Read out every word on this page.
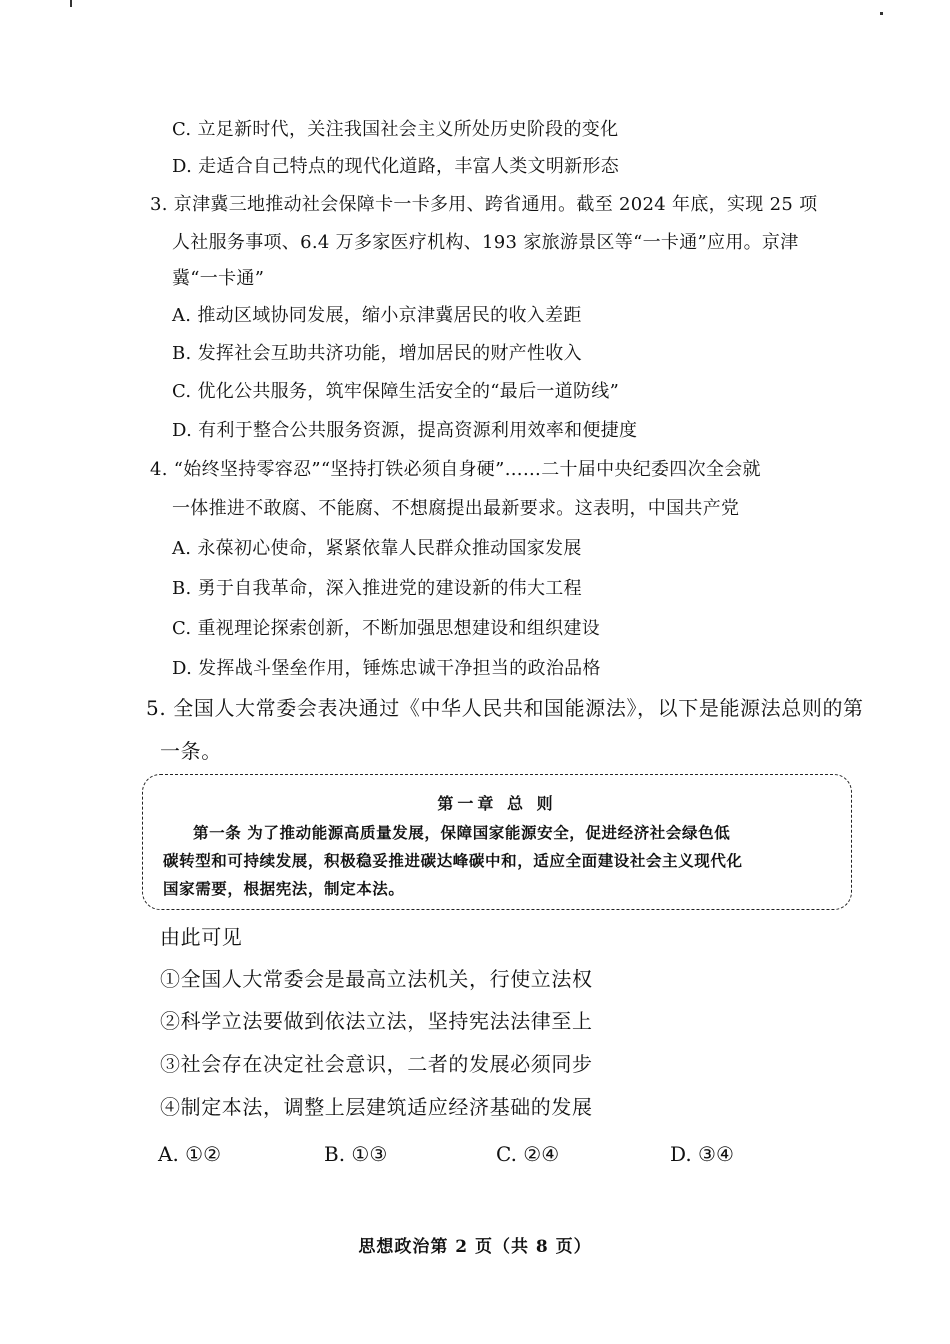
C. 立足新时代，关注我国社会主义所处历史阶段的变化
D. 走适合自己特点的现代化道路，丰富人类文明新形态
3. 京津冀三地推动社会保障卡一卡多用、跨省通用。截至 2024 年底，实现 25 项
人社服务事项、6.4 万多家医疗机构、193 家旅游景区等“一卡通”应用。京津
冀“一卡通”
A. 推动区域协同发展，缩小京津冀居民的收入差距
B. 发挥社会互助共济功能，增加居民的财产性收入
C. 优化公共服务，筑牢保障生活安全的“最后一道防线”
D. 有利于整合公共服务资源，提高资源利用效率和便捷度
4. “始终坚持零容忍”“坚持打铁必须自身硬”……二十届中央纪委四次全会就
一体推进不敢腐、不能腐、不想腐提出最新要求。这表明，中国共产党
A. 永葆初心使命，紧紧依靠人民群众推动国家发展
B. 勇于自我革命，深入推进党的建设新的伟大工程
C. 重视理论探索创新，不断加强思想建设和组织建设
D. 发挥战斗堡垒作用，锤炼忠诚干净担当的政治品格
5. 全国人大常委会表决通过《中华人民共和国能源法》，以下是能源法总则的第
一条。
第一章 总 则
第一条 为了推动能源高质量发展，保障国家能源安全，促进经济社会绿色低
碳转型和可持续发展，积极稳妥推进碳达峰碳中和，适应全面建设社会主义现代化
国家需要，根据宪法，制定本法。
由此可见
①全国人大常委会是最高立法机关，行使立法权
②科学立法要做到依法立法，坚持宪法法律至上
③社会存在决定社会意识，二者的发展必须同步
④制定本法，调整上层建筑适应经济基础的发展
A. ①②	B. ①③	C. ②④	D. ③④
思想政治第 2 页（共 8 页）
